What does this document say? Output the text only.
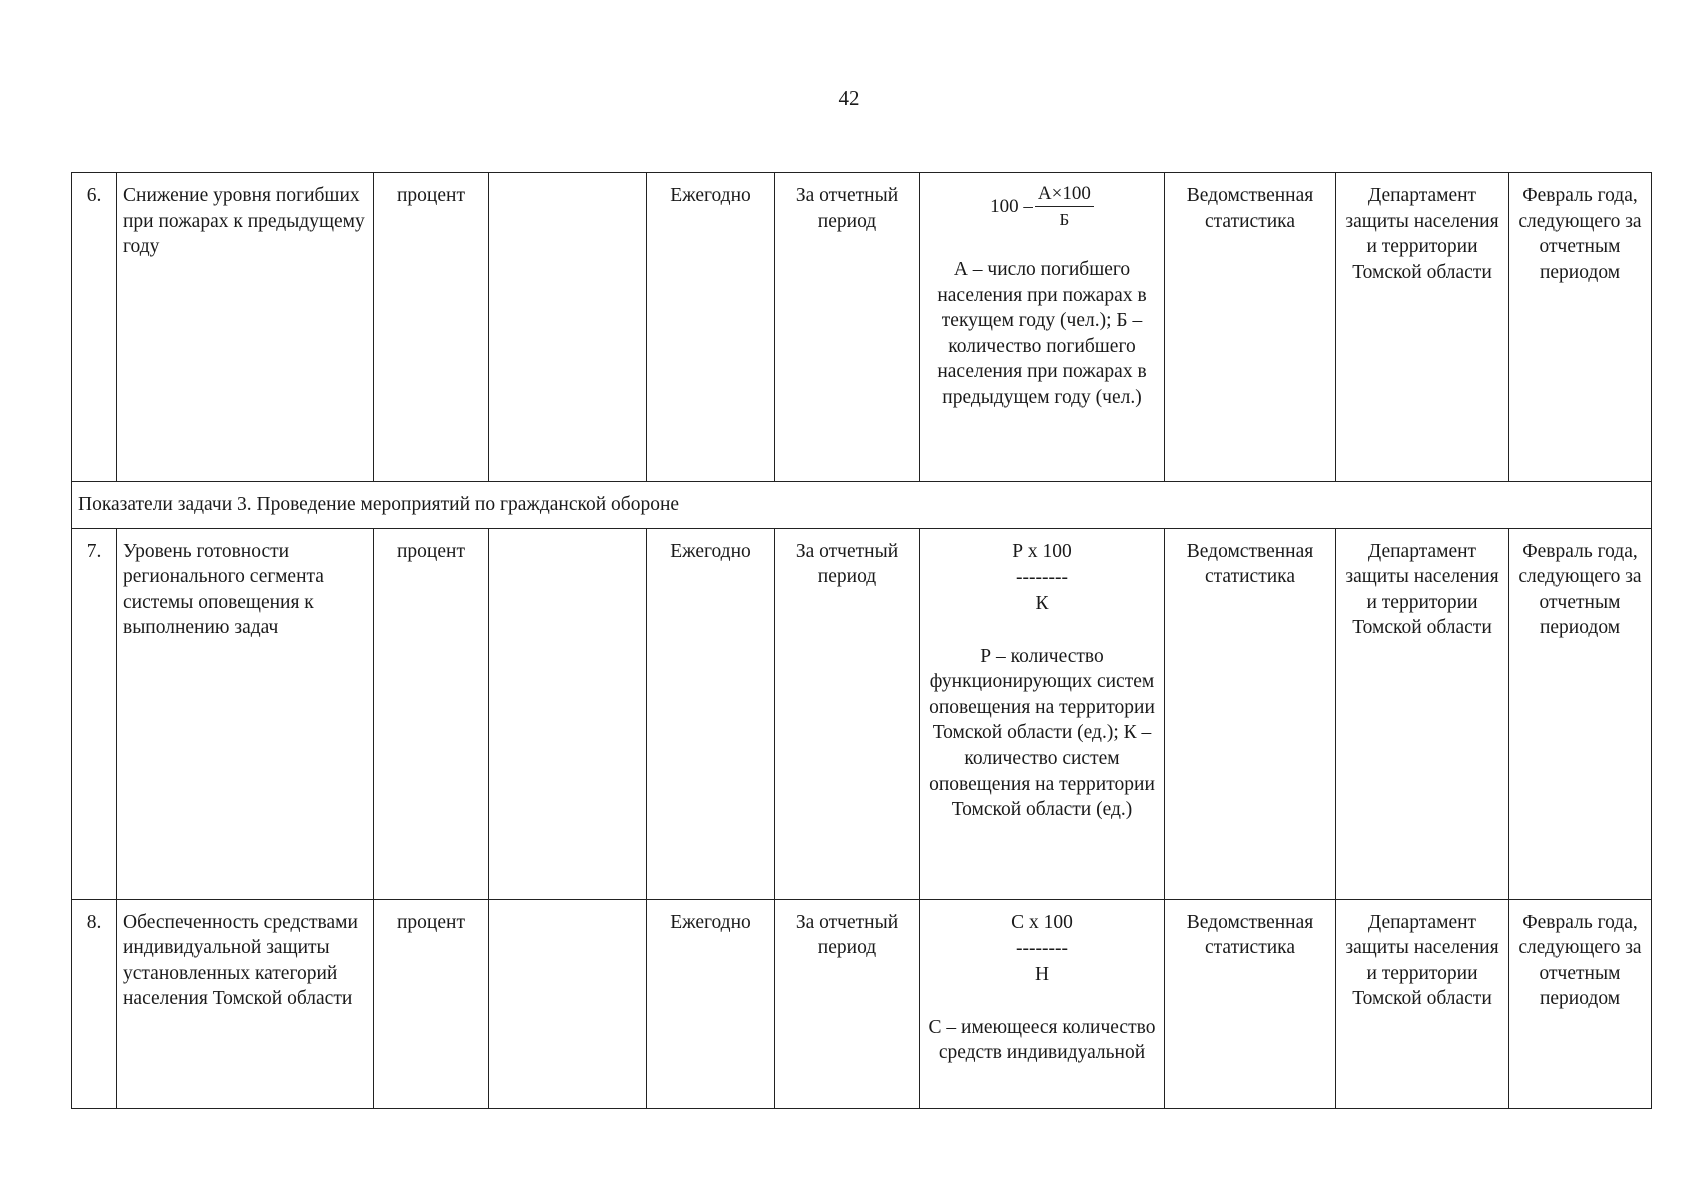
42
6.	Снижение уровня погибших при пожарах к предыдущему году	процент		Ежегодно	За отчетный период	$100 - \frac{А\times 100}{Б}$
А – число погибшего населения при пожарах в текущем году (чел.); Б – количество погибшего населения при пожарах в предыдущем году (чел.)	Ведомственная статистика	Департамент защиты населения и территории Томской области	Февраль года, следующего за отчетным периодом
Показатели задачи 3. Проведение мероприятий по гражданской обороне									
7.	Уровень готовности регионального сегмента системы оповещения к выполнению задач	процент		Ежегодно	За отчетный период	Р х 100
--------
К
Р – количество функционирующих систем оповещения на территории Томской области (ед.); К – количество систем оповещения на территории Томской области (ед.)	Ведомственная статистика	Департамент защиты населения и территории Томской области	Февраль года, следующего за отчетным периодом
8.	Обеспеченность средствами индивидуальной защиты установленных категорий населения Томской области	процент		Ежегодно	За отчетный период	С х 100
--------
Н
С – имеющееся количество средств индивидуальной	Ведомственная статистика	Департамент защиты населения и территории Томской области	Февраль года, следующего за отчетным периодом
